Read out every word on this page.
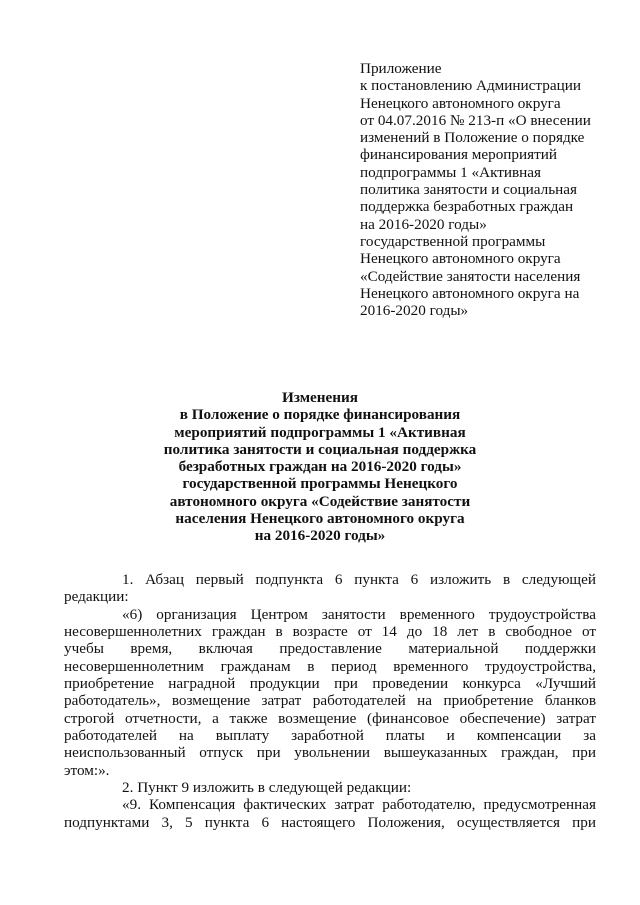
Приложение
к постановлению Администрации
Ненецкого автономного округа
от 04.07.2016 № 213-п «О внесении
изменений в Положение о порядке
финансирования мероприятий
подпрограммы 1 «Активная
политика занятости и социальная
поддержка безработных граждан
на 2016-2020 годы»
государственной программы
Ненецкого автономного округа
«Содействие занятости населения
Ненецкого автономного округа на
2016-2020 годы»
Изменения
в Положение о порядке финансирования
мероприятий подпрограммы 1 «Активная
политика занятости и социальная поддержка
безработных граждан на 2016-2020 годы»
государственной программы Ненецкого
автономного округа «Содействие занятости
населения Ненецкого автономного округа
на 2016-2020 годы»
1. Абзац первый подпункта 6 пункта 6 изложить в следующей
редакции:
«6) организация Центром занятости временного трудоустройства
несовершеннолетних граждан в возрасте от 14 до 18 лет в свободное от
учебы время, включая предоставление материальной поддержки
несовершеннолетним гражданам в период временного трудоустройства,
приобретение наградной продукции при проведении конкурса «Лучший
работодатель», возмещение затрат работодателей на приобретение бланков
строгой отчетности, а также возмещение (финансовое обеспечение) затрат
работодателей на выплату заработной платы и компенсации за
неиспользованный отпуск при увольнении вышеуказанных граждан, при
этом:».
2. Пункт 9 изложить в следующей редакции:
«9. Компенсация фактических затрат работодателю, предусмотренная
подпунктами 3, 5 пункта 6 настоящего Положения, осуществляется при
